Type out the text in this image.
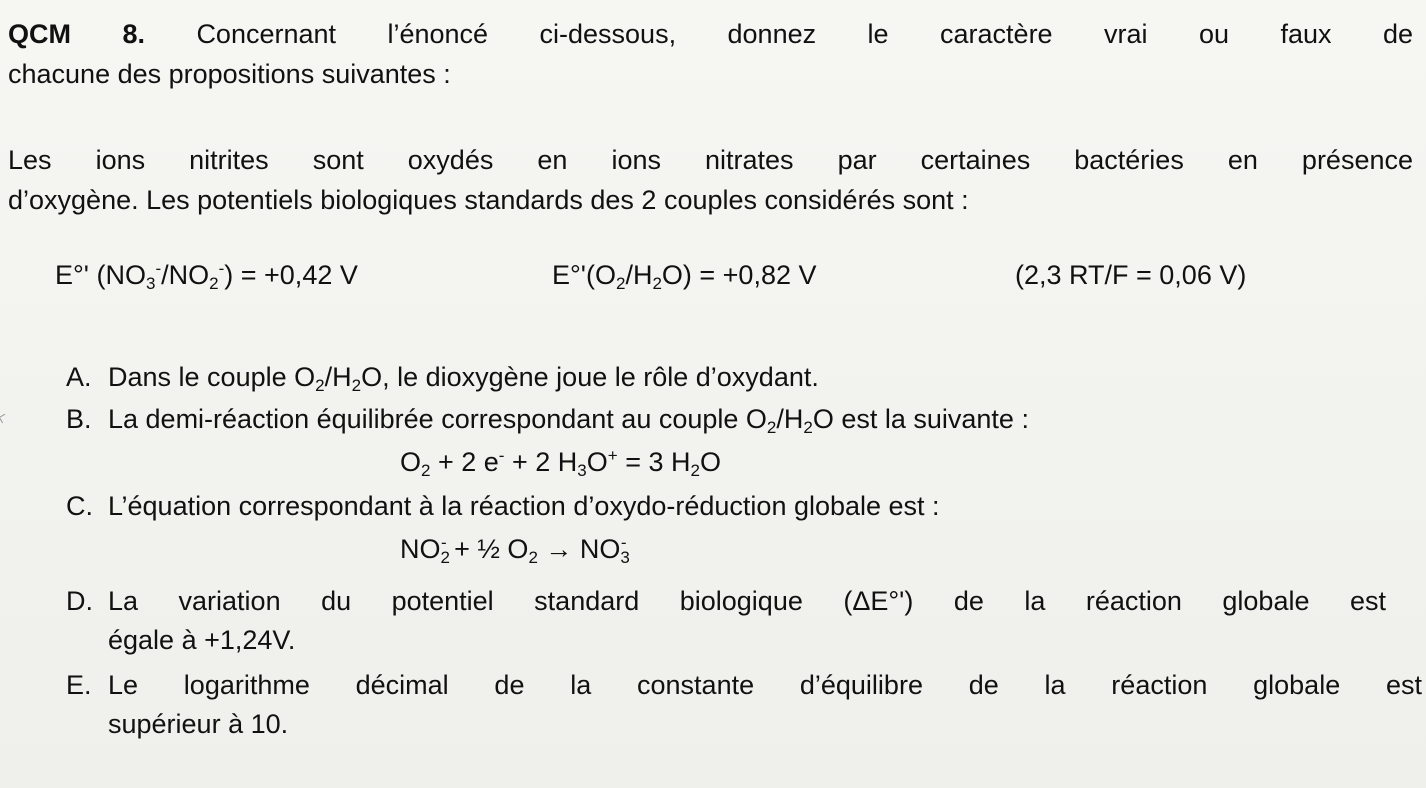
QCM 8. Concernant l’énoncé ci-dessous, donnez le caractère vrai ou faux de
chacune des propositions suivantes :

Les ions nitrites sont oxydés en ions nitrates par certaines bactéries en présence
d’oxygène. Les potentiels biologiques standards des 2 couples considérés sont :

E°' $(NO_3^-/NO_2^-) = +0,42$ V	$E^\circ'(O_2/H_2O) = +0,82$ V	(2,3 RT/F = 0,06 V)
A. Dans le couple $O_2/H_2O$, le dioxygène joue le rôle d’oxydant.
B. La demi-réaction équilibrée correspondant au couple $O_2/H_2O$ est la suivante :
$O_2 + 2$ e- + 2 $H_3O^+ = 3$ $H_2O$
C. L’équation correspondant à la réaction d’oxydo-réduction globale est :
$NO_2^-$ + ½ $O_2 \to NO_3^-$
D. La variation du potentiel standard biologique (ΔE°') de la réaction globale est
égale à +1,24V.
E. Le logarithme décimal de la constante d’équilibre de la réaction globale est
supérieur à 10.
